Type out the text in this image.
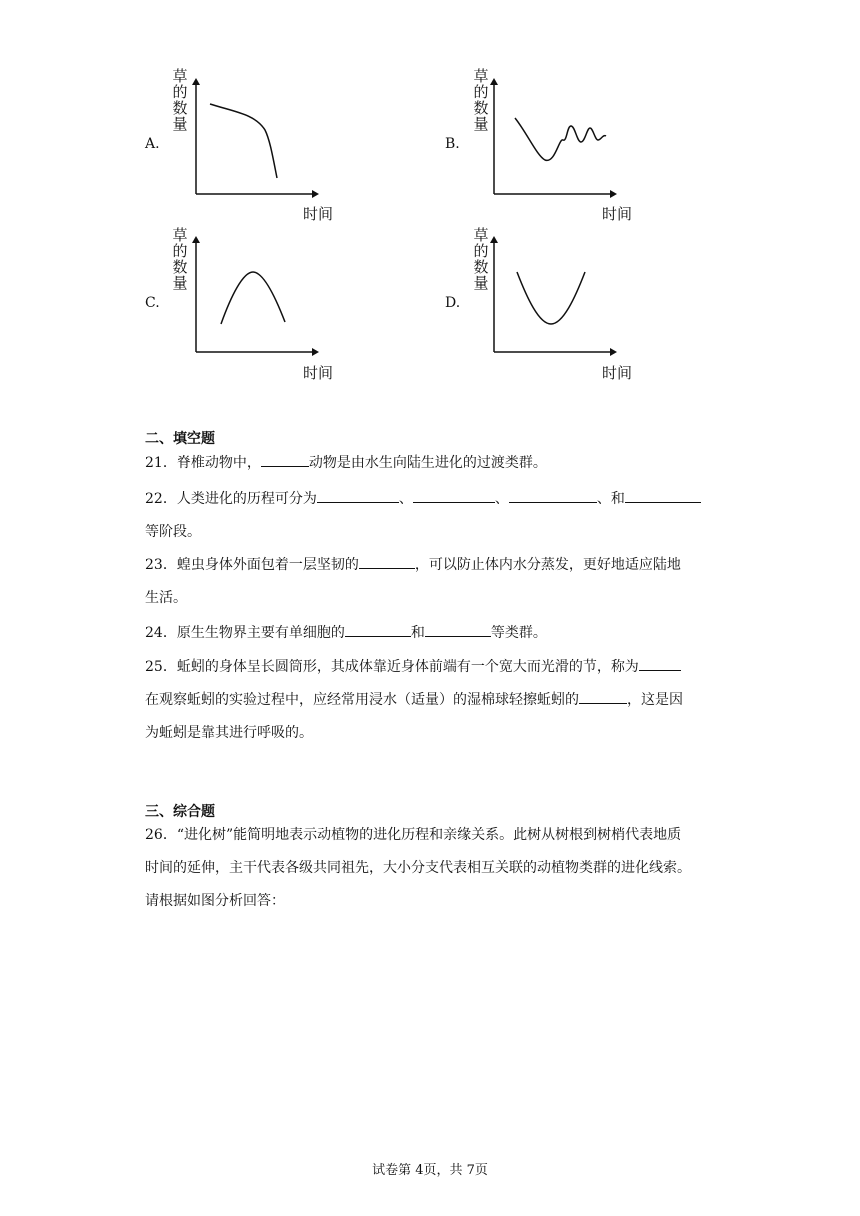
A.
草
的
数
量
时间
B.
草
的
数
量
时间
C.
草
的
数
量
时间
D.
草
的
数
量
时间
二、填空题

21．脊椎动物中，	动物是由水生向陆生进化的过渡类群。

22．人类进化的历程可分为	、	、	、和

等阶段。

23．蝗虫身体外面包着一层坚韧的	，可以防止体内水分蒸发，更好地适应陆地

生活。

24．原生生物界主要有单细胞的	和	等类群。

25．蚯蚓的身体呈长圆筒形，其成体靠近身体前端有一个宽大而光滑的节，称为

在观察蚯蚓的实验过程中，应经常用浸水（适量）的湿棉球轻擦蚯蚓的	，这是因

为蚯蚓是靠其进行呼吸的。

三、综合题

26．“进化树”能简明地表示动植物的进化历程和亲缘关系。此树从树根到树梢代表地质

时间的延伸，主干代表各级共同祖先，大小分支代表相互关联的动植物类群的进化线索。

请根据如图分析回答：

试卷第 4页，共 7页
